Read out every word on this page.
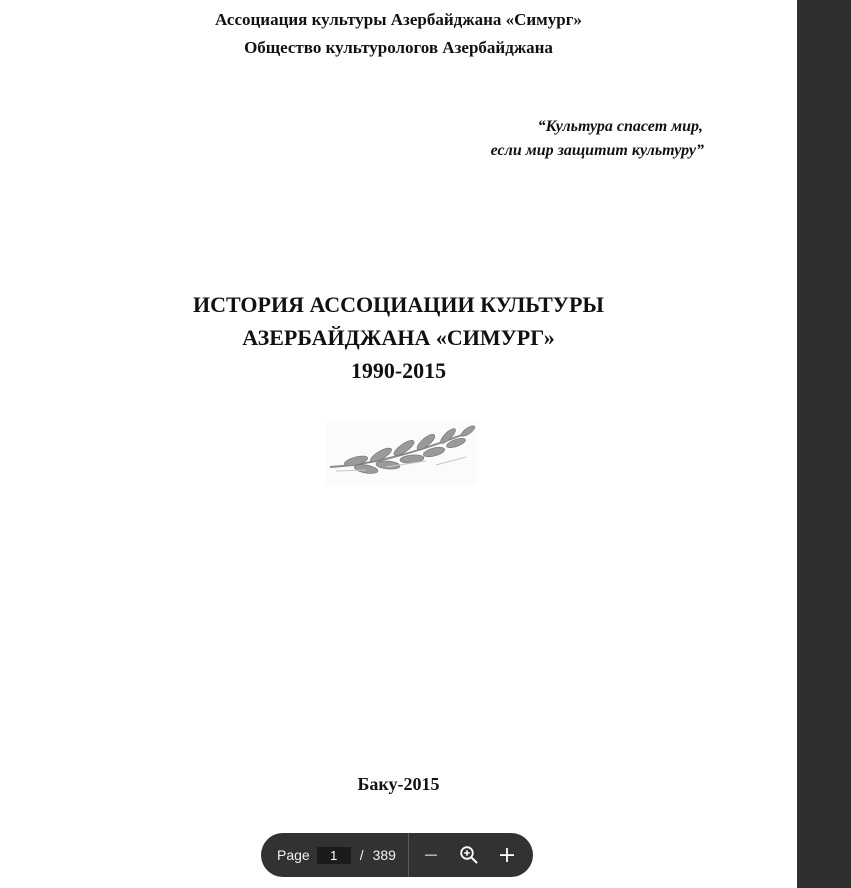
Ассоциация культуры Азербайджана «Симург»
Общество культурологов Азербайджана
“Культура спасет мир,
если мир защитит культуру”
ИСТОРИЯ АССОЦИАЦИИ КУЛЬТУРЫ
АЗЕРБАЙДЖАНА «СИМУРГ»
1990-2015
Баку-2015
Page	1	/ 389
